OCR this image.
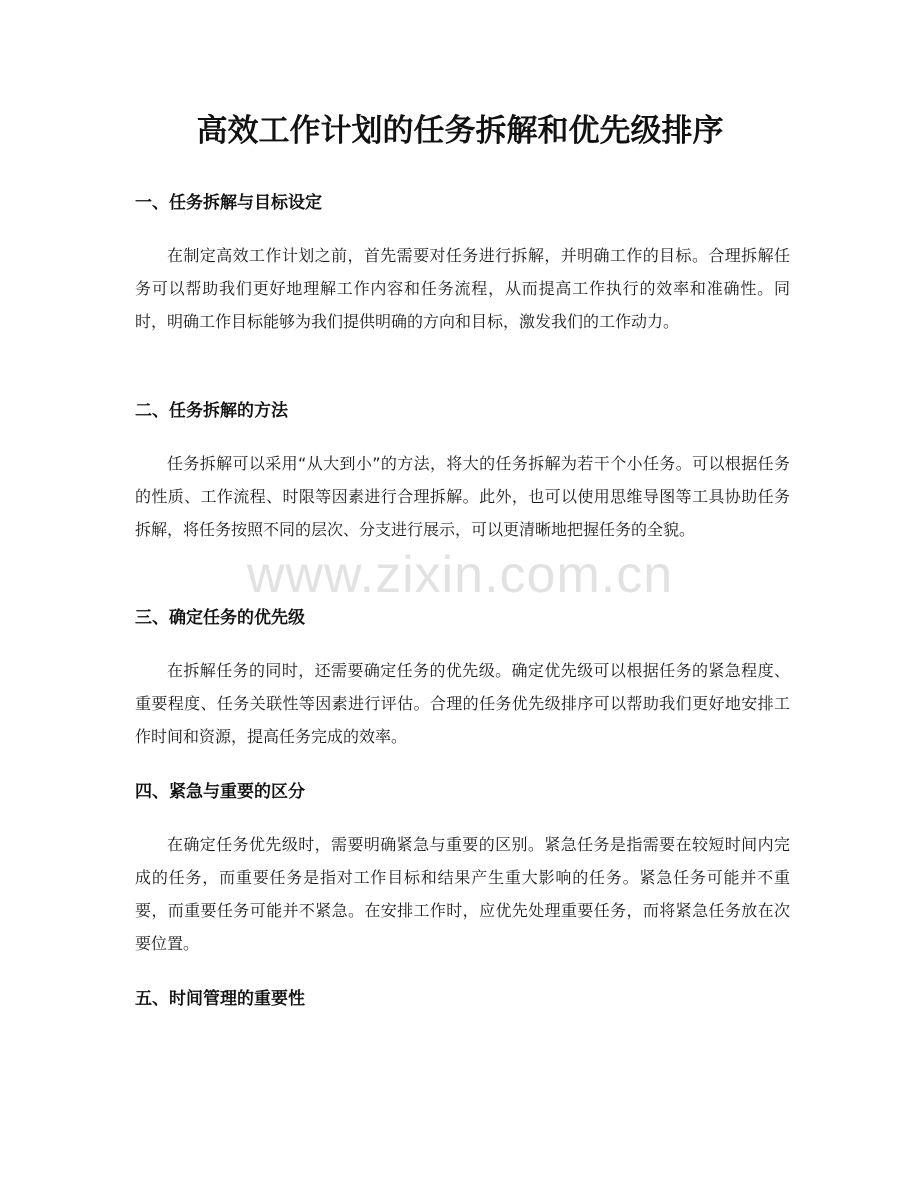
高效工作计划的任务拆解和优先级排序
一、任务拆解与目标设定

在制定高效工作计划之前，首先需要对任务进行拆解，并明确工作的目标。合理拆解任务可以帮助我们更好地理解工作内容和任务流程，从而提高工作执行的效率和准确性。同时，明确工作目标能够为我们提供明确的方向和目标，激发我们的工作动力。

二、任务拆解的方法

任务拆解可以采用“从大到小”的方法，将大的任务拆解为若干个小任务。可以根据任务的性质、工作流程、时限等因素进行合理拆解。此外，也可以使用思维导图等工具协助任务拆解，将任务按照不同的层次、分支进行展示，可以更清晰地把握任务的全貌。

三、确定任务的优先级

在拆解任务的同时，还需要确定任务的优先级。确定优先级可以根据任务的紧急程度、重要程度、任务关联性等因素进行评估。合理的任务优先级排序可以帮助我们更好地安排工作时间和资源，提高任务完成的效率。

四、紧急与重要的区分

在确定任务优先级时，需要明确紧急与重要的区别。紧急任务是指需要在较短时间内完成的任务，而重要任务是指对工作目标和结果产生重大影响的任务。紧急任务可能并不重要，而重要任务可能并不紧急。在安排工作时，应优先处理重要任务，而将紧急任务放在次要位置。

五、时间管理的重要性
www.zixin.com.cn
